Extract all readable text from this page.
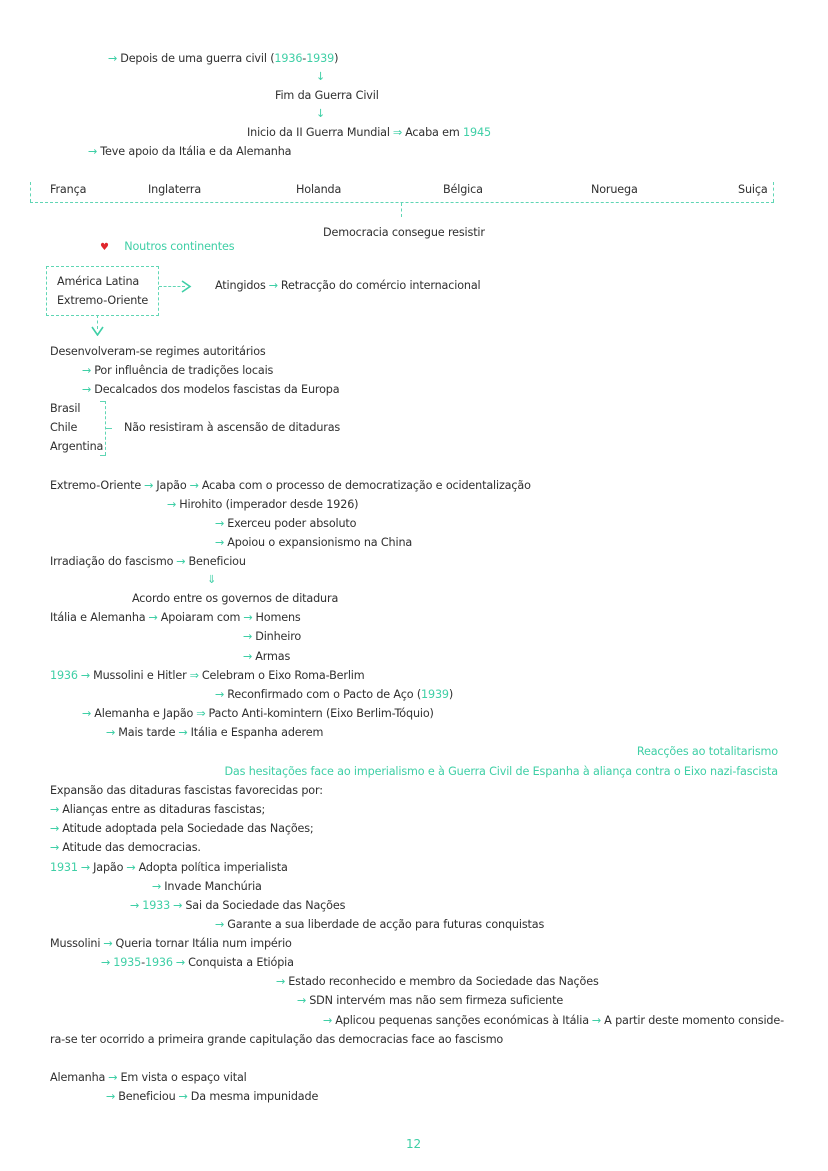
→ Depois de uma guerra civil (1936-1939)
↓
Fim da Guerra Civil
↓
Inicio da II Guerra Mundial ⇒ Acaba em 1945
→ Teve apoio da Itália e da Alemanha
França	Inglaterra	Holanda	Bélgica	Noruega	Suiça
Democracia consegue resistir
♥ Noutros continentes
América Latina
Extremo-Oriente
Atingidos → Retracção do comércio internacional
Desenvolveram-se regimes autoritários
→ Por influência de tradições locais
→ Decalcados dos modelos fascistas da Europa
Brasil
Chile
Argentina
Não resistiram à ascensão de ditaduras
Extremo-Oriente → Japão → Acaba com o processo de democratização e ocidentalização
→ Hirohito (imperador desde 1926)
→ Exerceu poder absoluto
→ Apoiou o expansionismo na China
Irradiação do fascismo → Beneficiou
⇓
Acordo entre os governos de ditadura
Itália e Alemanha → Apoiaram com → Homens
→ Dinheiro
→ Armas
1936 → Mussolini e Hitler ⇒ Celebram o Eixo Roma-Berlim
→ Reconfirmado com o Pacto de Aço (1939)
→ Alemanha e Japão ⇒ Pacto Anti-komintern (Eixo Berlim-Tóquio)
→ Mais tarde → Itália e Espanha aderem
Reacções ao totalitarismo
Das hesitações face ao imperialismo e à Guerra Civil de Espanha à aliança contra o Eixo nazi-fascista
Expansão das ditaduras fascistas favorecidas por:
→ Alianças entre as ditaduras fascistas;
→ Atitude adoptada pela Sociedade das Nações;
→ Atitude das democracias.
1931 → Japão → Adopta política imperialista
→ Invade Manchúria
→ 1933 → Sai da Sociedade das Nações
→ Garante a sua liberdade de acção para futuras conquistas
Mussolini → Queria tornar Itália num império
→ 1935-1936 → Conquista a Etiópia
→ Estado reconhecido e membro da Sociedade das Nações
→ SDN intervém mas não sem firmeza suficiente
→ Aplicou pequenas sanções económicas à Itália → A partir deste momento conside-
ra-se ter ocorrido a primeira grande capitulação das democracias face ao fascismo
Alemanha → Em vista o espaço vital
→ Beneficiou → Da mesma impunidade
12
